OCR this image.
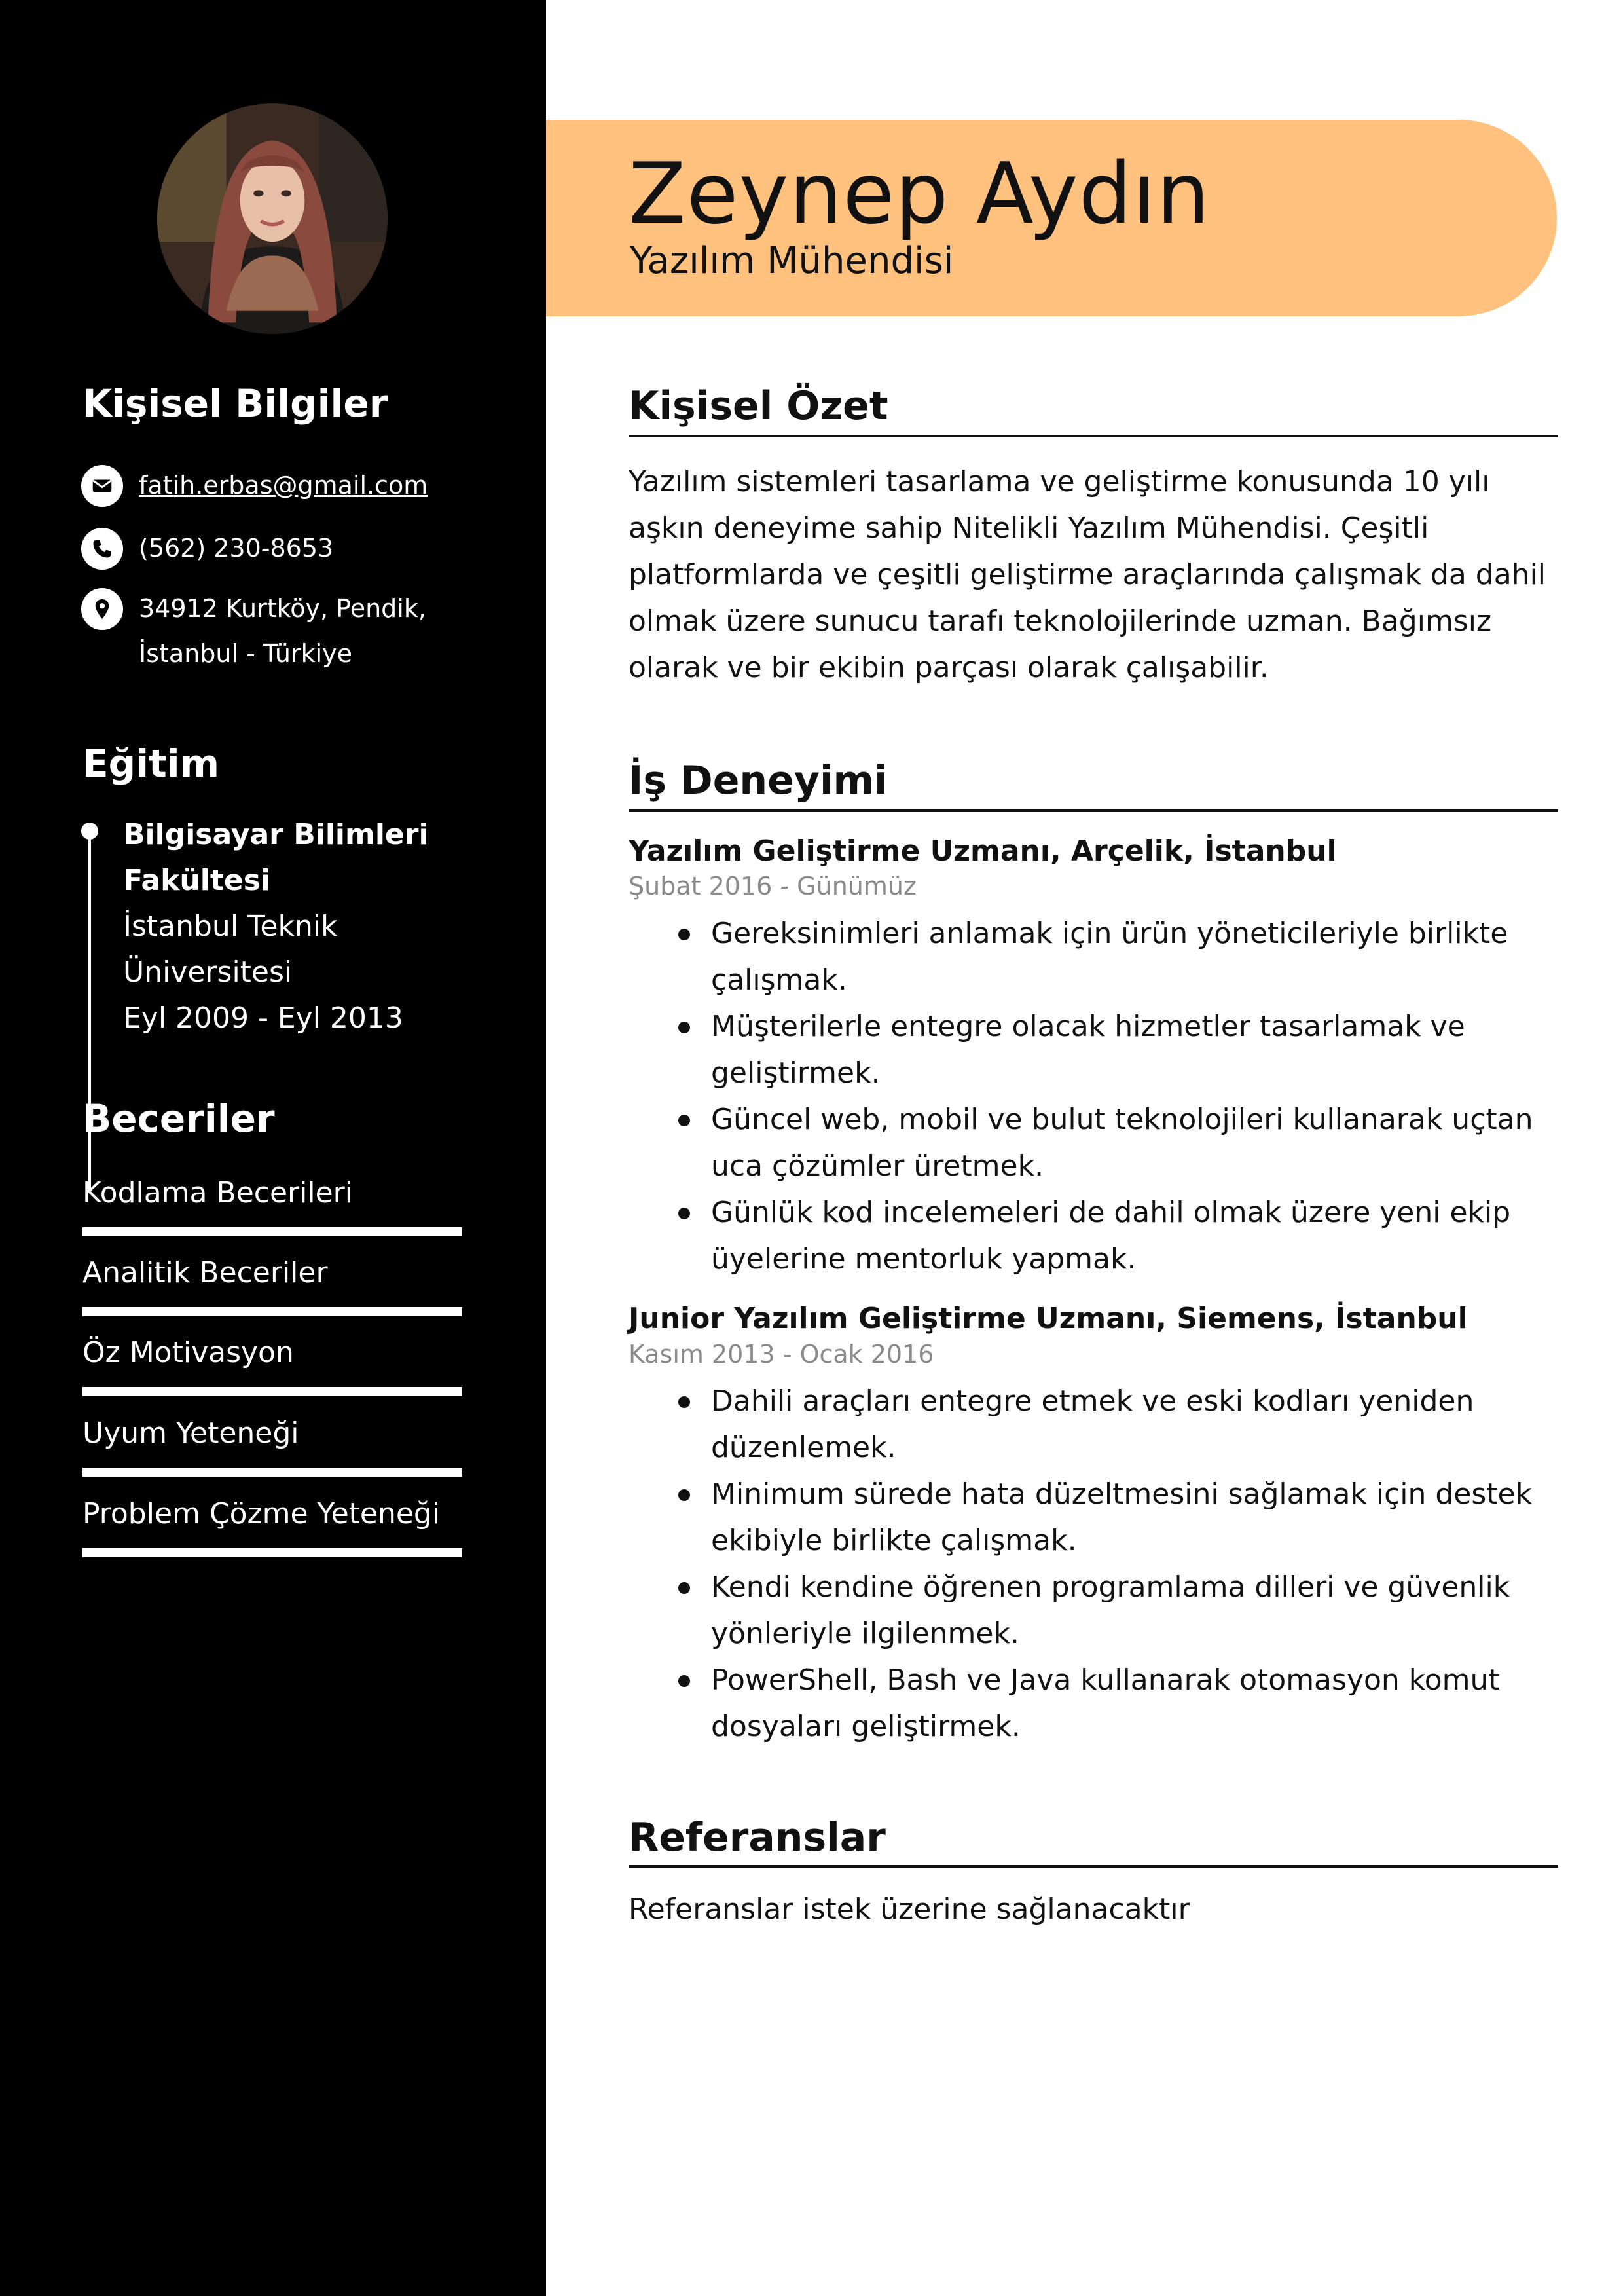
Kişisel Bilgiler
fatih.erbas@gmail.com
(562) 230-8653
34912 Kurtköy, Pendik,
İstanbul - Türkiye
Eğitim
Bilgisayar Bilimleri
Fakültesi
İstanbul Teknik
Üniversitesi
Eyl 2009 - Eyl 2013
Beceriler
Kodlama Becerileri
Analitik Beceriler
Öz Motivasyon
Uyum Yeteneği
Problem Çözme Yeteneği
Zeynep Aydın
Yazılım Mühendisi
Kişisel Özet
Yazılım sistemleri tasarlama ve geliştirme konusunda 10 yılı aşkın deneyime sahip Nitelikli Yazılım Mühendisi. Çeşitli platformlarda ve çeşitli geliştirme araçlarında çalışmak da dahil olmak üzere sunucu tarafı teknolojilerinde uzman. Bağımsız olarak ve bir ekibin parçası olarak çalışabilir.
İş Deneyimi
Yazılım Geliştirme Uzmanı, Arçelik, İstanbul
Şubat 2016 - Günümüz
Gereksinimleri anlamak için ürün yöneticileriyle birlikte çalışmak.
Müşterilerle entegre olacak hizmetler tasarlamak ve geliştirmek.
Güncel web, mobil ve bulut teknolojileri kullanarak uçtan uca çözümler üretmek.
Günlük kod incelemeleri de dahil olmak üzere yeni ekip üyelerine mentorluk yapmak.
Junior Yazılım Geliştirme Uzmanı, Siemens, İstanbul
Kasım 2013 - Ocak 2016
Dahili araçları entegre etmek ve eski kodları yeniden düzenlemek.
Minimum sürede hata düzeltmesini sağlamak için destek ekibiyle birlikte çalışmak.
Kendi kendine öğrenen programlama dilleri ve güvenlik yönleriyle ilgilenmek.
PowerShell, Bash ve Java kullanarak otomasyon komut dosyaları geliştirmek.
Referanslar
Referanslar istek üzerine sağlanacaktır
